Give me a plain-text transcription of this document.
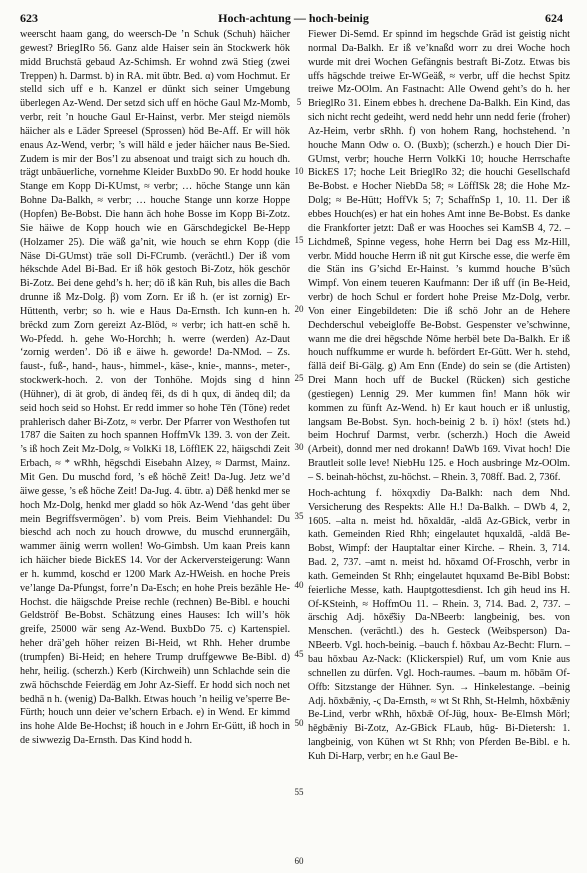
623	Hoch-achtung — hoch-beinig	624

weerscht haam gang, do weersch-De ’n Schuk (Schuh) häicher gewest? BriegIRo 56. Ganz alde Haiser sein än Stockwerk hök midd Bruchstä gebaud Az-Schimsh. Er wohnd zwä Stieg (zwei Treppen) h. Darmst. b) in RA. mit übtr. Bed. α) vom Hochmut. Er stelld sich uff e h. Kanzel er dünkt sich seiner Umgebung überlegen Az-Wend. Der setzd sich uff en höche Gaul Mz-Momb, verbr, reit ’n houche Gaul Er-Hainst, verbr. Mer steigd niemöls häicher als e Läder Spreesel (Sprossen) höd Be-Aff. Er will hök enaus Az-Wend, verbr; ’s will häld e jeder häicher naus Be-Sied. Zudem is mir der Bos’l zu absenoat und traigt sich zu houch dh. trägt unbäuerliche, vornehme Kleider BuxbDo 90. Er hodd houke Stange em Kopp Di-KUmst, ≈ verbr; … höche Stange unn kän Bohne Da-Balkh, ≈ verbr; … houche Stange unn korze Hoppe (Hopfen) Be-Bobst. Die hann äch hohe Bosse im Kopp Bi-Zotz. Sie häiwe de Kopp houch wie en Gärschdegickel Be-Hepp (Holzamer 25). Die wäß ga’nit, wie houch se ehrn Kopp (die Näse Di-GUmst) träe soll Di-FCrumb. (verächtl.) Der iß vom hékschde Adel Bi-Bad. Er iß hök gestoch Bi-Zotz, hök geschör Bi-Zotz. Bei dene gehd’s h. her; dö iß kän Ruh, bis alles die Bach drunne iß Mz-Dolg. β) vom Zorn. Er iß h. (er ist zornig) Er-Hüttenth, verbr; so h. wie e Haus Da-Ernsth. Ich kunn-en h. brëckd zum Zorn gereizt Az-Blöd, ≈ verbr; ich hatt-en schē h. Wo-Pfedd. h. gehe Wo-Horchh; h. werre (werden) Az-Daut ‘zornig werden’. Dö iß e äiwe h. geworde! Da-NMod. – Zs. faust-, fuß-, hand-, haus-, himmel-, käse-, knie-, manns-, meter-, stockwerk-hoch. 2. von der Tonhöhe. Mojds sing d hinn (Hühner), di ät grob, di ändeq fēi, ds di h qux, di ändeq dil; da seid hoch seid so Hohst. Er redd immer so hohe Tēn (Töne) redet prahlerisch daher Bi-Zotz, ≈ verbr. Der Pfarrer von Westhofen tut 1787 die Saiten zu hoch spannen HoffmVk 139. 3. von der Zeit. ’s iß hoch Zeit Mz-Dolg, ≈ VolkKi 18, LöfflEK 22, häigschdi Zeit Erbach, ≈ * wRhh, hëgschdi Eisebahn Alzey, ≈ Darmst, Mainz. Mit Gen. Du muschd ford, ’s eß höchē Zeit! Da-Jug. Jetz we’d äiwe gesse, ’s eß höche Zeit! Da-Jug. 4. übtr. a) Dēß henkd mer se hoch Mz-Dolg, henkd mer gladd so hök Az-Wend ‘das geht über mein Begriffsvermögen’. b) vom Preis. Beim Viehhandel: Du bieschd ach noch zu houch drowwe, du muschd erunnergāih, wammer äinig werrn wollen! Wo-Gimbsh. Um kaan Preis kann ich häicher biede BickES 14. Vor der Ackerversteigerung: Wann er h. kummd, koschd er 1200 Mark Az-HWeish. en hoche Preis ve’lange Da-Pfungst, forre’n Da-Esch; en hohe Preis bezāhle He-Hochst. die häigschde Preise rechle (rechnen) Be-Bibl. e houchi Geldströf Be-Bobst. Schätzung eines Hauses: Ich will’s hök greife, 25000 wär seng Az-Wend. BuxbDo 75. c) Kartenspiel. heher drä’geh höher reizen Bi-Heid, wt Rhh. Heher drumbe (trumpfen) Bi-Heid; en hehere Trump druffgewwe Be-Bibl. d) hehr, heilig. (scherzh.) Kerb (Kirchweih) unn Schlachde sein die zwä höchschde Feierdäg em Johr Az-Sieff. Er hodd sich noch net bedhā n h. (wenig) Da-Balkh. Etwas houch ’n heilig ve’sperre Be-Fürth; houch unn deier ve’schern Erbach. e) in Wend. Er kimmd ins hohe Alde Be-Hochst; iß houch in e Johrn Er-Gütt, iß hoch in de siwwezig Da-Ernsth. Das Kind hodd h.

5
10
15
20
25
30
35
40
45
50
55
60

Fiewer Di-Semd. Er spinnd im hegschde Gräd ist geistig nicht normal Da-Balkh. Er iß ve’knaßd worr zu drei Woche hoch wurde mit drei Wochen Gefängnis bestraft Bi-Zotz. Etwas bis uffs hägschde treiwe Er-WGeäß, ≈ verbr, uff die hechst Spitz treiwe Mz-OOlm. An Fastnacht: Alle Owend geht’s do h. her BrieglRo 31. Einem ebbes h. drechene Da-Balkh. Ein Kind, das sich nicht recht gedeiht, werd nedd hehr unn nedd ferie (froher) Az-Heim, verbr sRhh. f) von hohem Rang, hochstehend. ’n houche Mann Odw o. O. (Buxb); (scherzh.) e houch Dier Di-GUmst, verbr; houche Herrn VolkKi 10; houche Herrschafte BickES 17; hoche Leit BrieglRo 32; die houchi Gesellschafd Be-Bobst. e Hocher NiebDa 58; ≈ LöffISk 28; die Hohe Mz-Dolg; ≈ Be-Hütt; HoffVk 5; 7; SchaffnSp 1, 10. 11. Der iß ebbes Houch(es) er hat ein hohes Amt inne Be-Bobst. Es danke die Frankforter jetzt: Daß er was Hooches sei KamSB 4, 72. – Lichdmeß, Spinne vegess, hohe Herrn bei Dag ess Mz-Hill, verbr. Midd houche Herrn iß nit gut Kirsche esse, die werfe ëm die Stän ins G’sichd Er-Hainst. ’s kummd houche B’süch Wimpf. Von einem teueren Kaufmann: Der iß uff (in Be-Heid, verbr) de hoch Schul er fordert hohe Preise Mz-Dolg, verbr. Von einer Eingebildeten: Die iß schö Johr an de Hehere Dechderschul vebeigloffe Be-Bobst. Gespenster ve’schwinne, wann me die drei hēgschde Nōme herbël bete Da-Balkh. Er iß houch nuffkumme er wurde h. befördert Er-Gütt. Wer h. stehd, fällä deif Bi-Gälg. g) Am Enn (Ende) do sein se (die Artisten) Drei Mann hoch uff de Buckel (Rücken) sich gestiche (gestiegen) Lennig 29. Mer kummen fin! Mann hök wir kommen zu fünft Az-Wend. h) Er kaut houch er iß unlustig, langsam Be-Bobst. Syn. hoch-beinig 2 b. i) höx! (stets hd.) beim Hochruf Darmst, verbr. (scherzh.) Hoch die Aweid (Arbeit), donnd mer ned drokann! DaWb 169. Vivat hoch! Die Brautleit solle leve! NiebHu 125. e Hoch ausbringe Mz-OOlm. – S. beinah-höchst, zu-höchst. – Rhein. 3, 708ff. Bad. 2, 736f.

Hoch-achtung f. höxqxdiy Da-Balkh: nach dem Nhd. Versicherung des Respekts: Alle H.! Da-Balkh. – DWb 4, 2, 1605. –alta n. meist hd. hōxaldār, -aldā Az-GBick, verbr in kath. Gemeinden Ried Rhh; eingelautet hquxaldā, -aldā Be-Bobst, Wimpf: der Hauptaltar einer Kirche. – Rhein. 3, 714. Bad. 2, 737. –amt n. meist hd. hōxamd Of-Froschh, verbr in kath. Gemeinden St Rhh; eingelautet hquxamd Be-Bibl Bobst: feierliche Messe, kath. Hauptgottesdienst. Ich gih heud ins H. Of-KSteinh, ≈ HoffmOu 11. – Rhein. 3, 714. Bad. 2, 737. –ärschig Adj. hōxē̆šiy Da-NBeerb: langbeinig, bes. von Menschen. (verächtl.) des h. Gesteck (Weibsperson) Da-NBeerb. Vgl. hoch-beinig. –bauch f. hōxbau Az-Becht: Flurn. –bau hōxbau Az-Nack: (Klickerspiel) Ruf, um vom Knie aus schnellen zu dürfen. Vgl. Hoch-raumes. –baum m. hōbām Of-Offb: Sitzstange der Hühner. Syn. → Hinkelestange. –beinig Adj. hōxbǣniy, -ϛ Da-Ernsth, ≈ wt St Rhh, St-Helmh, hōxbǣniy Be-Lind, verbr wRhh, hōxbǣ Of-Jüg, houx- Be-Elmsh Mörl; hēgbǣniy Bi-Zotz, Az-GBick FLaub, hūg- Bi-Dietersh: 1. langbeinig, von Kühen wt St Rhh; von Pferden Be-Bibl. e h. Kuh Di-Harp, verbr; en h.e Gaul Be-
